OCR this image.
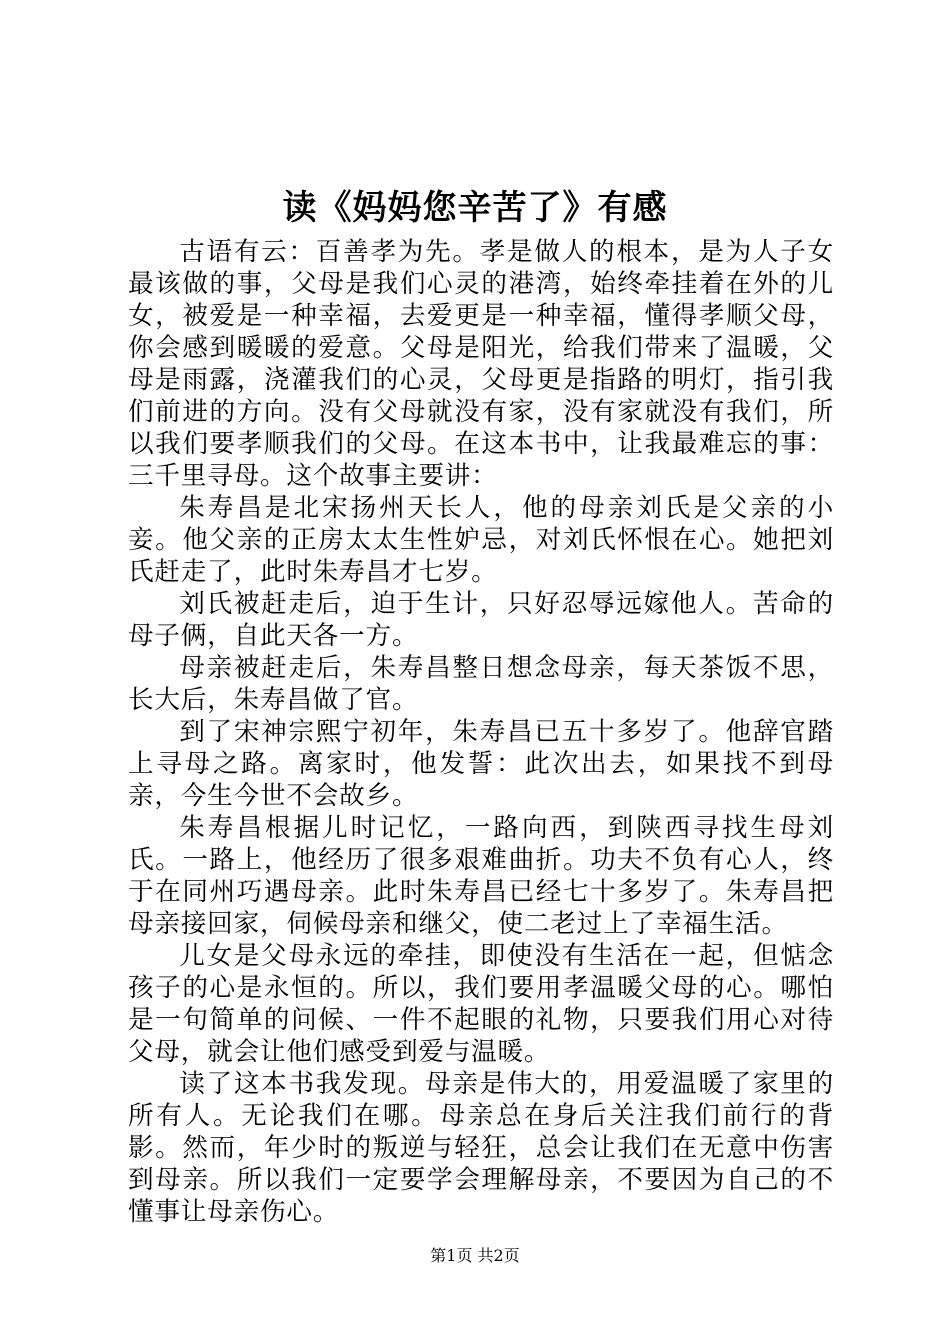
读《妈妈您辛苦了》有感

古语有云：百善孝为先。孝是做人的根本，是为人子女最该做的事，父母是我们心灵的港湾，始终牵挂着在外的儿女，被爱是一种幸福，去爱更是一种幸福，懂得孝顺父母，你会感到暖暖的爱意。父母是阳光，给我们带来了温暖，父母是雨露，浇灌我们的心灵，父母更是指路的明灯，指引我们前进的方向。没有父母就没有家，没有家就没有我们，所以我们要孝顺我们的父母。在这本书中，让我最难忘的事：三千里寻母。这个故事主要讲：

朱寿昌是北宋扬州天长人，他的母亲刘氏是父亲的小妾。他父亲的正房太太生性妒忌，对刘氏怀恨在心。她把刘氏赶走了，此时朱寿昌才七岁。

刘氏被赶走后，迫于生计，只好忍辱远嫁他人。苦命的母子俩，自此天各一方。

母亲被赶走后，朱寿昌整日想念母亲，每天茶饭不思，长大后，朱寿昌做了官。

到了宋神宗熙宁初年，朱寿昌已五十多岁了。他辞官踏上寻母之路。离家时，他发誓：此次出去，如果找不到母亲，今生今世不会故乡。

朱寿昌根据儿时记忆，一路向西，到陕西寻找生母刘氏。一路上，他经历了很多艰难曲折。功夫不负有心人，终于在同州巧遇母亲。此时朱寿昌已经七十多岁了。朱寿昌把母亲接回家，伺候母亲和继父，使二老过上了幸福生活。

儿女是父母永远的牵挂，即使没有生活在一起，但惦念孩子的心是永恒的。所以，我们要用孝温暖父母的心。哪怕是一句简单的问候、一件不起眼的礼物，只要我们用心对待父母，就会让他们感受到爱与温暖。

读了这本书我发现。母亲是伟大的，用爱温暖了家里的所有人。无论我们在哪。母亲总在身后关注我们前行的背影。然而，年少时的叛逆与轻狂，总会让我们在无意中伤害到母亲。所以我们一定要学会理解母亲，不要因为自己的不懂事让母亲伤心。

第1页 共2页
